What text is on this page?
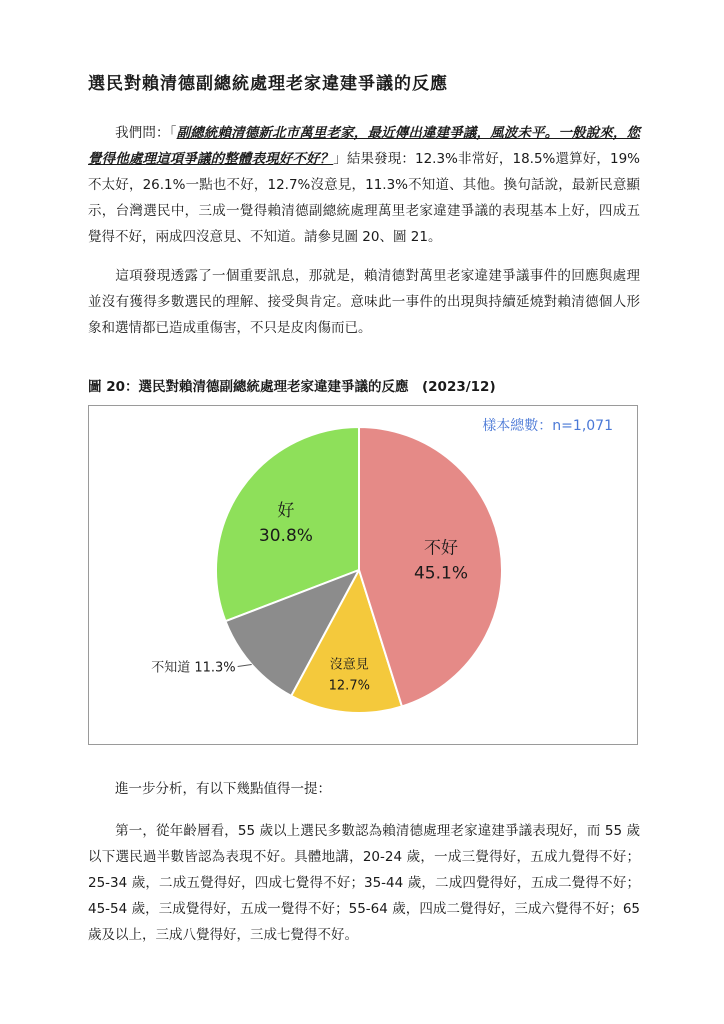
選民對賴清德副總統處理老家違建爭議的反應

我們問：「副總統賴清德新北市萬里老家，最近傳出違建爭議，風波未平。一般說來，您覺得他處理這項爭議的整體表現好不好？」結果發現：12.3%非常好，18.5%還算好，19%不太好，26.1%一點也不好，12.7%沒意見，11.3%不知道、其他。換句話說，最新民意顯示，台灣選民中，三成一覺得賴清德副總統處理萬里老家違建爭議的表現基本上好，四成五覺得不好，兩成四沒意見、不知道。請參見圖 20、圖 21。

這項發現透露了一個重要訊息，那就是，賴清德對萬里老家違建爭議事件的回應與處理並沒有獲得多數選民的理解、接受與肯定。意味此一事件的出現與持續延燒對賴清德個人形象和選情都已造成重傷害，不只是皮肉傷而已。

圖 20：選民對賴清德副總統處理老家違建爭議的反應　(2023/12)

樣本總數：n=1,071
不好
45.1%
沒意見
12.7%
不知道 11.3%
好
30.8%

進一步分析，有以下幾點值得一提：

第一，從年齡層看，55 歲以上選民多數認為賴清德處理老家違建爭議表現好，而 55 歲以下選民過半數皆認為表現不好。具體地講，20-24 歲，一成三覺得好，五成九覺得不好；25-34 歲，二成五覺得好，四成七覺得不好；35-44 歲，二成四覺得好，五成二覺得不好；45-54 歲，三成覺得好，五成一覺得不好；55-64 歲，四成二覺得好，三成六覺得不好；65 歲及以上，三成八覺得好，三成七覺得不好。
